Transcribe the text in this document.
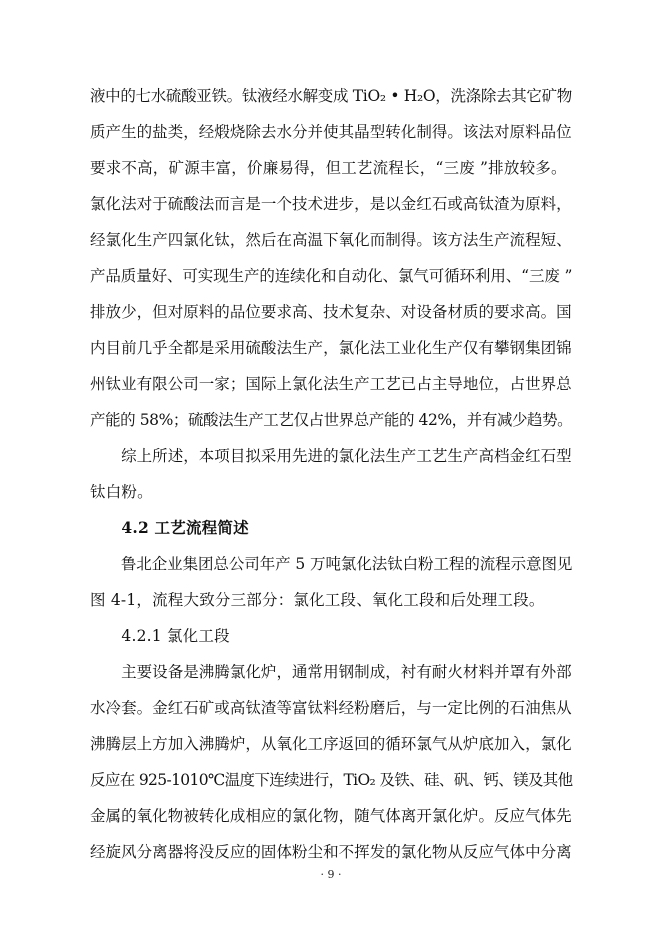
液中的七水硫酸亚铁。钛液经水解变成 TiO₂ • H₂O，洗涤除去其它矿物
质产生的盐类，经煅烧除去水分并使其晶型转化制得。该法对原料品位
要求不高，矿源丰富，价廉易得，但工艺流程长，“三废 ”排放较多。
氯化法对于硫酸法而言是一个技术进步，是以金红石或高钛渣为原料，
经氯化生产四氯化钛，然后在高温下氧化而制得。该方法生产流程短、
产品质量好、可实现生产的连续化和自动化、氯气可循环利用、“三废 ”
排放少，但对原料的品位要求高、技术复杂、对设备材质的要求高。国
内目前几乎全都是采用硫酸法生产，氯化法工业化生产仅有攀钢集团锦
州钛业有限公司一家；国际上氯化法生产工艺已占主导地位，占世界总
产能的 58%；硫酸法生产工艺仅占世界总产能的 42%，并有减少趋势。
　　综上所述，本项目拟采用先进的氯化法生产工艺生产高档金红石型
钛白粉。
　　4.2 工艺流程简述
　　鲁北企业集团总公司年产 5 万吨氯化法钛白粉工程的流程示意图见
图 4-1，流程大致分三部分：氯化工段、氧化工段和后处理工段。
　　4.2.1 氯化工段
　　主要设备是沸腾氯化炉，通常用钢制成，衬有耐火材料并罩有外部
水冷套。金红石矿或高钛渣等富钛料经粉磨后，与一定比例的石油焦从
沸腾层上方加入沸腾炉，从氧化工序返回的循环氯气从炉底加入，氯化
反应在 925-1010℃温度下连续进行，TiO₂ 及铁、硅、矾、钙、镁及其他
金属的氧化物被转化成相应的氯化物，随气体离开氯化炉。反应气体先
经旋风分离器将没反应的固体粉尘和不挥发的氯化物从反应气体中分离
· 9 ·
